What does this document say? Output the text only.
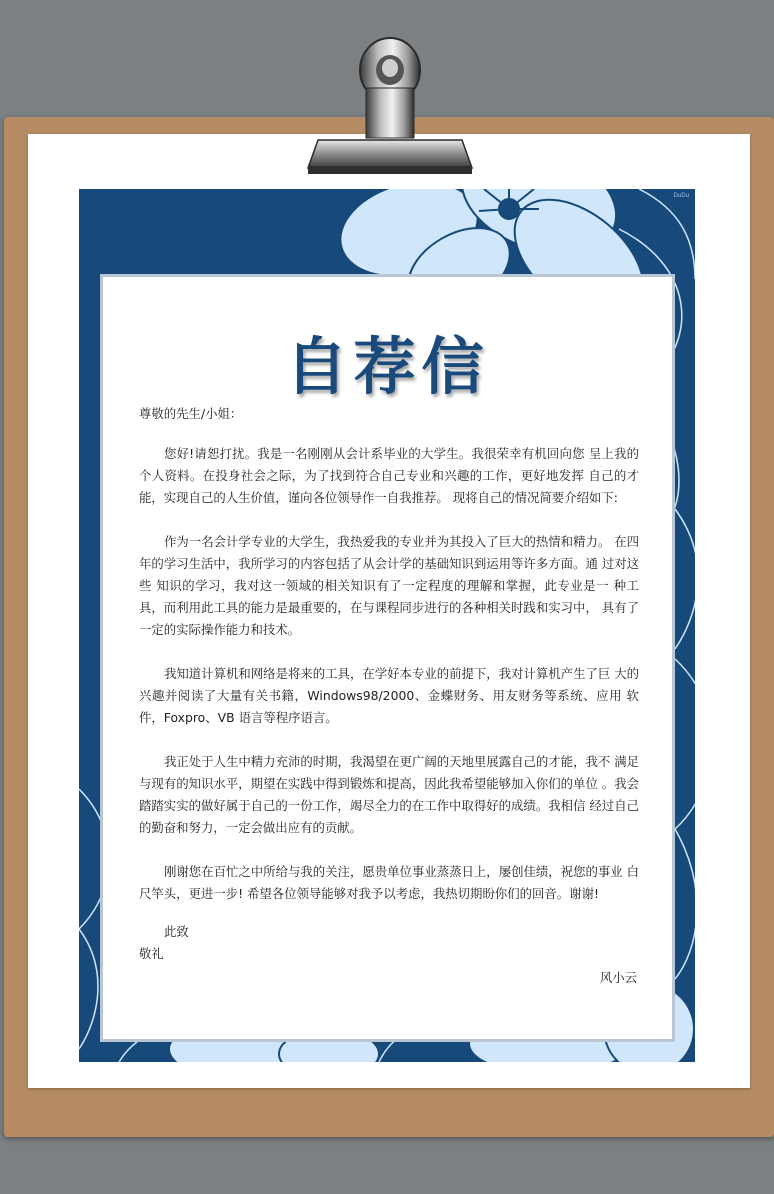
DuDu
自荐信

尊敬的先生/小姐：

您好!请恕打扰。我是一名刚刚从会计系毕业的大学生。我很荣幸有机回向您 呈上我的个人资料。在投身社会之际，为了找到符合自己专业和兴趣的工作，更好地发挥 自己的才能，实现自己的人生价值，谨向各位领导作一自我推荐。 现将自己的情况简要介绍如下:

作为一名会计学专业的大学生，我热爱我的专业并为其投入了巨大的热情和精力。 在四年的学习生活中，我所学习的内容包括了从会计学的基础知识到运用等许多方面。通 过对这些 知识的学习，我对这一领域的相关知识有了一定程度的理解和掌握，此专业是一 种工具，而利用此工具的能力是最重要的，在与课程同步进行的各种相关时践和实习中， 具有了一定的实际操作能力和技术。

我知道计算机和网络是将来的工具，在学好本专业的前提下，我对计算机产生了巨 大的兴趣并阅读了大量有关书籍，Windows98/2000、金蝶财务、用友财务等系统、应用 软件，Foxpro、VB 语言等程序语言。

我正处于人生中精力充沛的时期，我渴望在更广阔的天地里展露自己的才能，我不 满足与现有的知识水平，期望在实践中得到锻炼和提高，因此我希望能够加入你们的单位 。我会踏踏实实的做好属于自己的一份工作，竭尽全力的在工作中取得好的成绩。我相信 经过自己的勤奋和努力，一定会做出应有的贡献。

刚谢您在百忙之中所给与我的关注，愿贵单位事业蒸蒸日上，屡创佳绩，祝您的事业 白尺竿头，更进一步! 希望各位领导能够对我予以考虑，我热切期盼你们的回音。谢谢!

此致
敬礼
风小云
